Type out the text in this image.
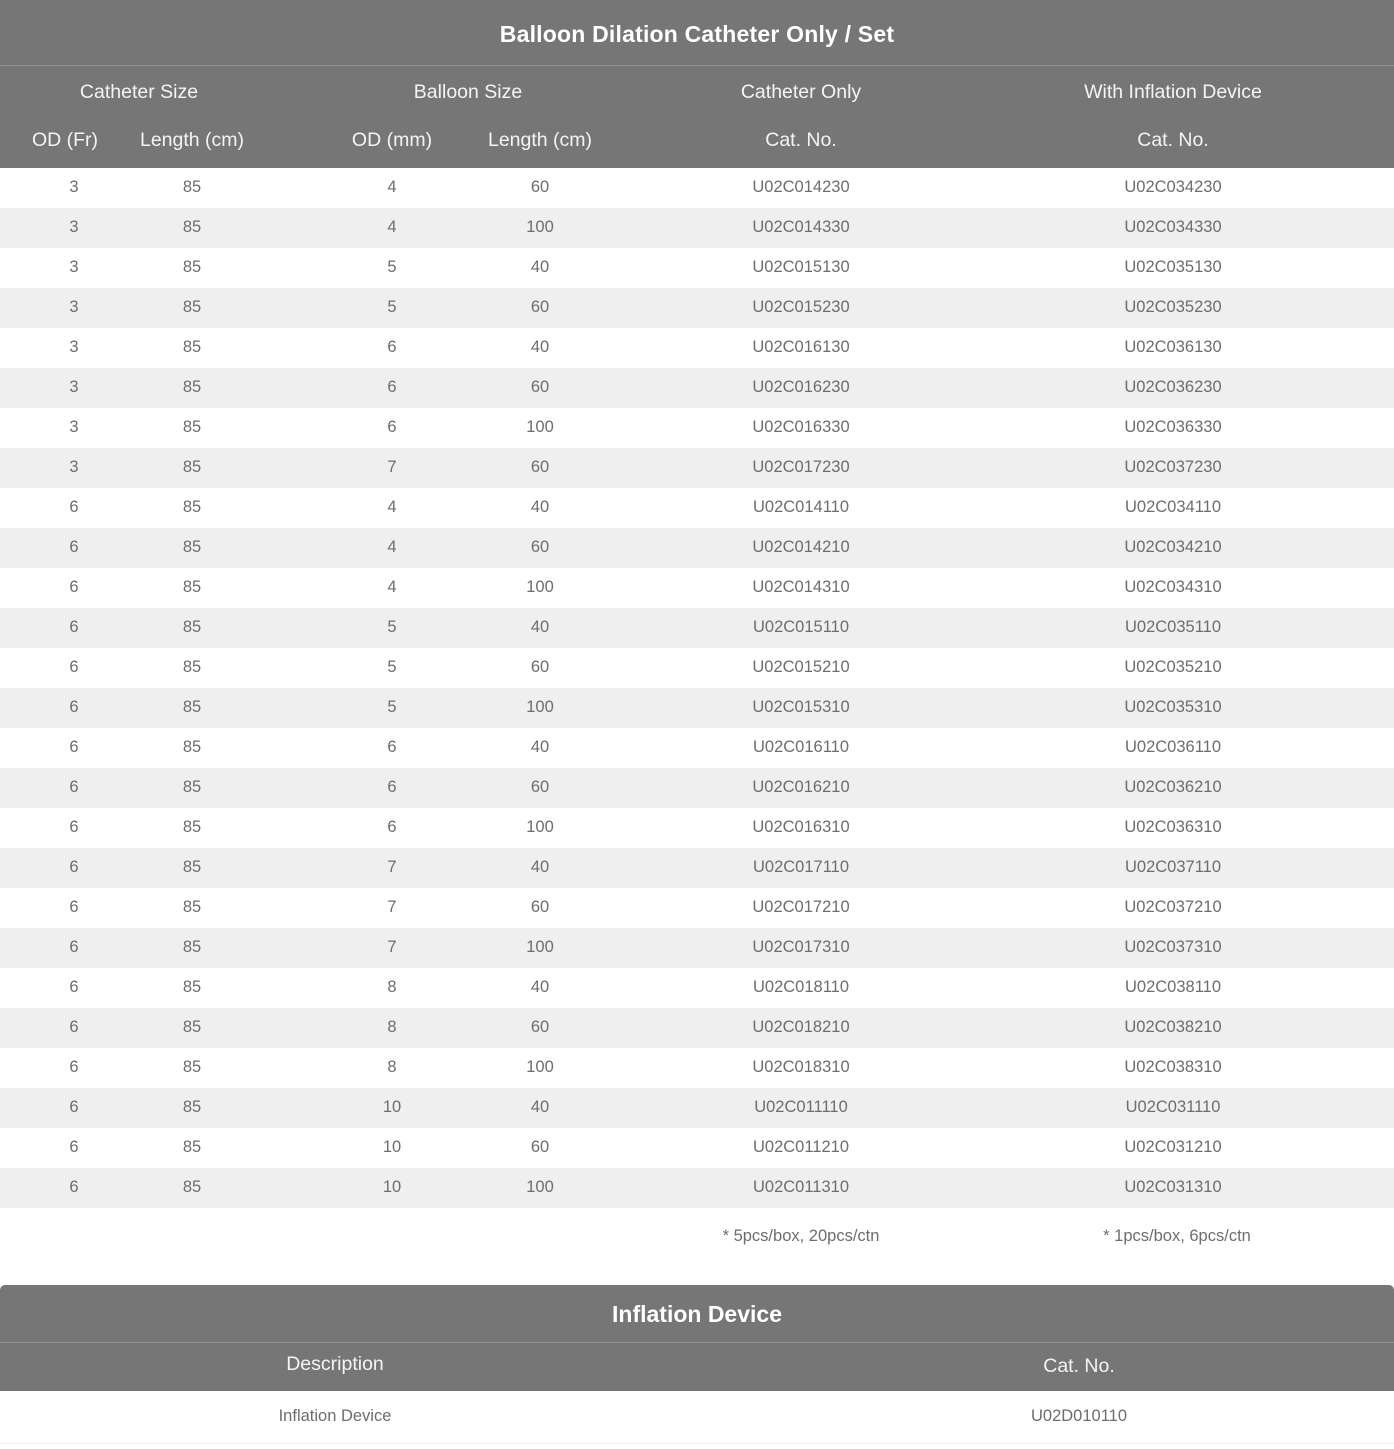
Balloon Dilation Catheter Only / Set
Catheter Size	Balloon Size	Catheter Only	With Inflation Device
OD (Fr) Length (cm)	OD (mm)	Length (cm)	Cat. No.	Cat. No.
3	85	4	60	U02C014230	U02C034230
3	85	4	100	U02C014330	U02C034330
3	85	5	40	U02C015130	U02C035130
3	85	5	60	U02C015230	U02C035230
3	85	6	40	U02C016130	U02C036130
3	85	6	60	U02C016230	U02C036230
3	85	6	100	U02C016330	U02C036330
3	85	7	60	U02C017230	U02C037230
6	85	4	40	U02C014110	U02C034110
6	85	4	60	U02C014210	U02C034210
6	85	4	100	U02C014310	U02C034310
6	85	5	40	U02C015110	U02C035110
6	85	5	60	U02C015210	U02C035210
6	85	5	100	U02C015310	U02C035310
6	85	6	40	U02C016110	U02C036110
6	85	6	60	U02C016210	U02C036210
6	85	6	100	U02C016310	U02C036310
6	85	7	40	U02C017110	U02C037110
6	85	7	60	U02C017210	U02C037210
6	85	7	100	U02C017310	U02C037310
6	85	8	40	U02C018110	U02C038110
6	85	8	60	U02C018210	U02C038210
6	85	8	100	U02C018310	U02C038310
6	85	10	40	U02C011110	U02C031110
6	85	10	60	U02C011210	U02C031210
6	85	10	100	U02C011310	U02C031310
* 5pcs/box, 20pcs/ctn	* 1pcs/box, 6pcs/ctn
Inflation Device
Description	Cat. No.
Inflation Device	U02D010110
